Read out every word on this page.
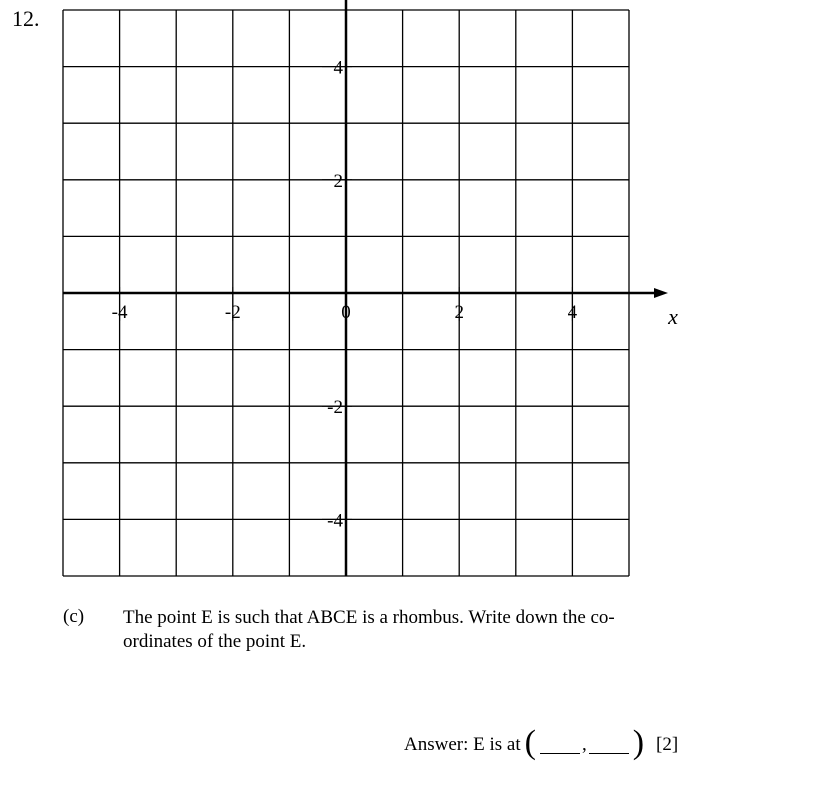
12.
-4	-2	0	2	4
4
2
-2
-4
x
(c) The point E is such that ABCE is a rhombus. Write down the co-ordinates of the point E.
Answer: E is at ( , ) [2]
